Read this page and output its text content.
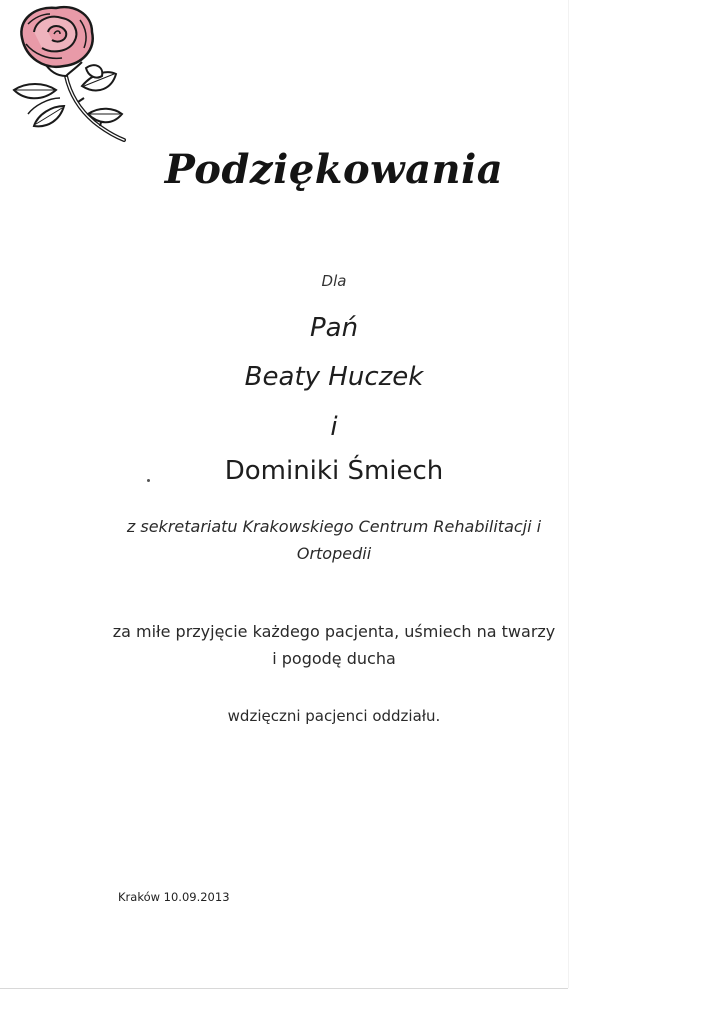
Podziękowania
Dla
Pań
Beaty Huczek
i
Dominiki Śmiech
z sekretariatu Krakowskiego Centrum Rehabilitacji i
Ortopedii
za miłe przyjęcie każdego pacjenta, uśmiech na twarzy
i pogodę ducha
wdzięczni pacjenci oddziału.
Kraków 10.09.2013
